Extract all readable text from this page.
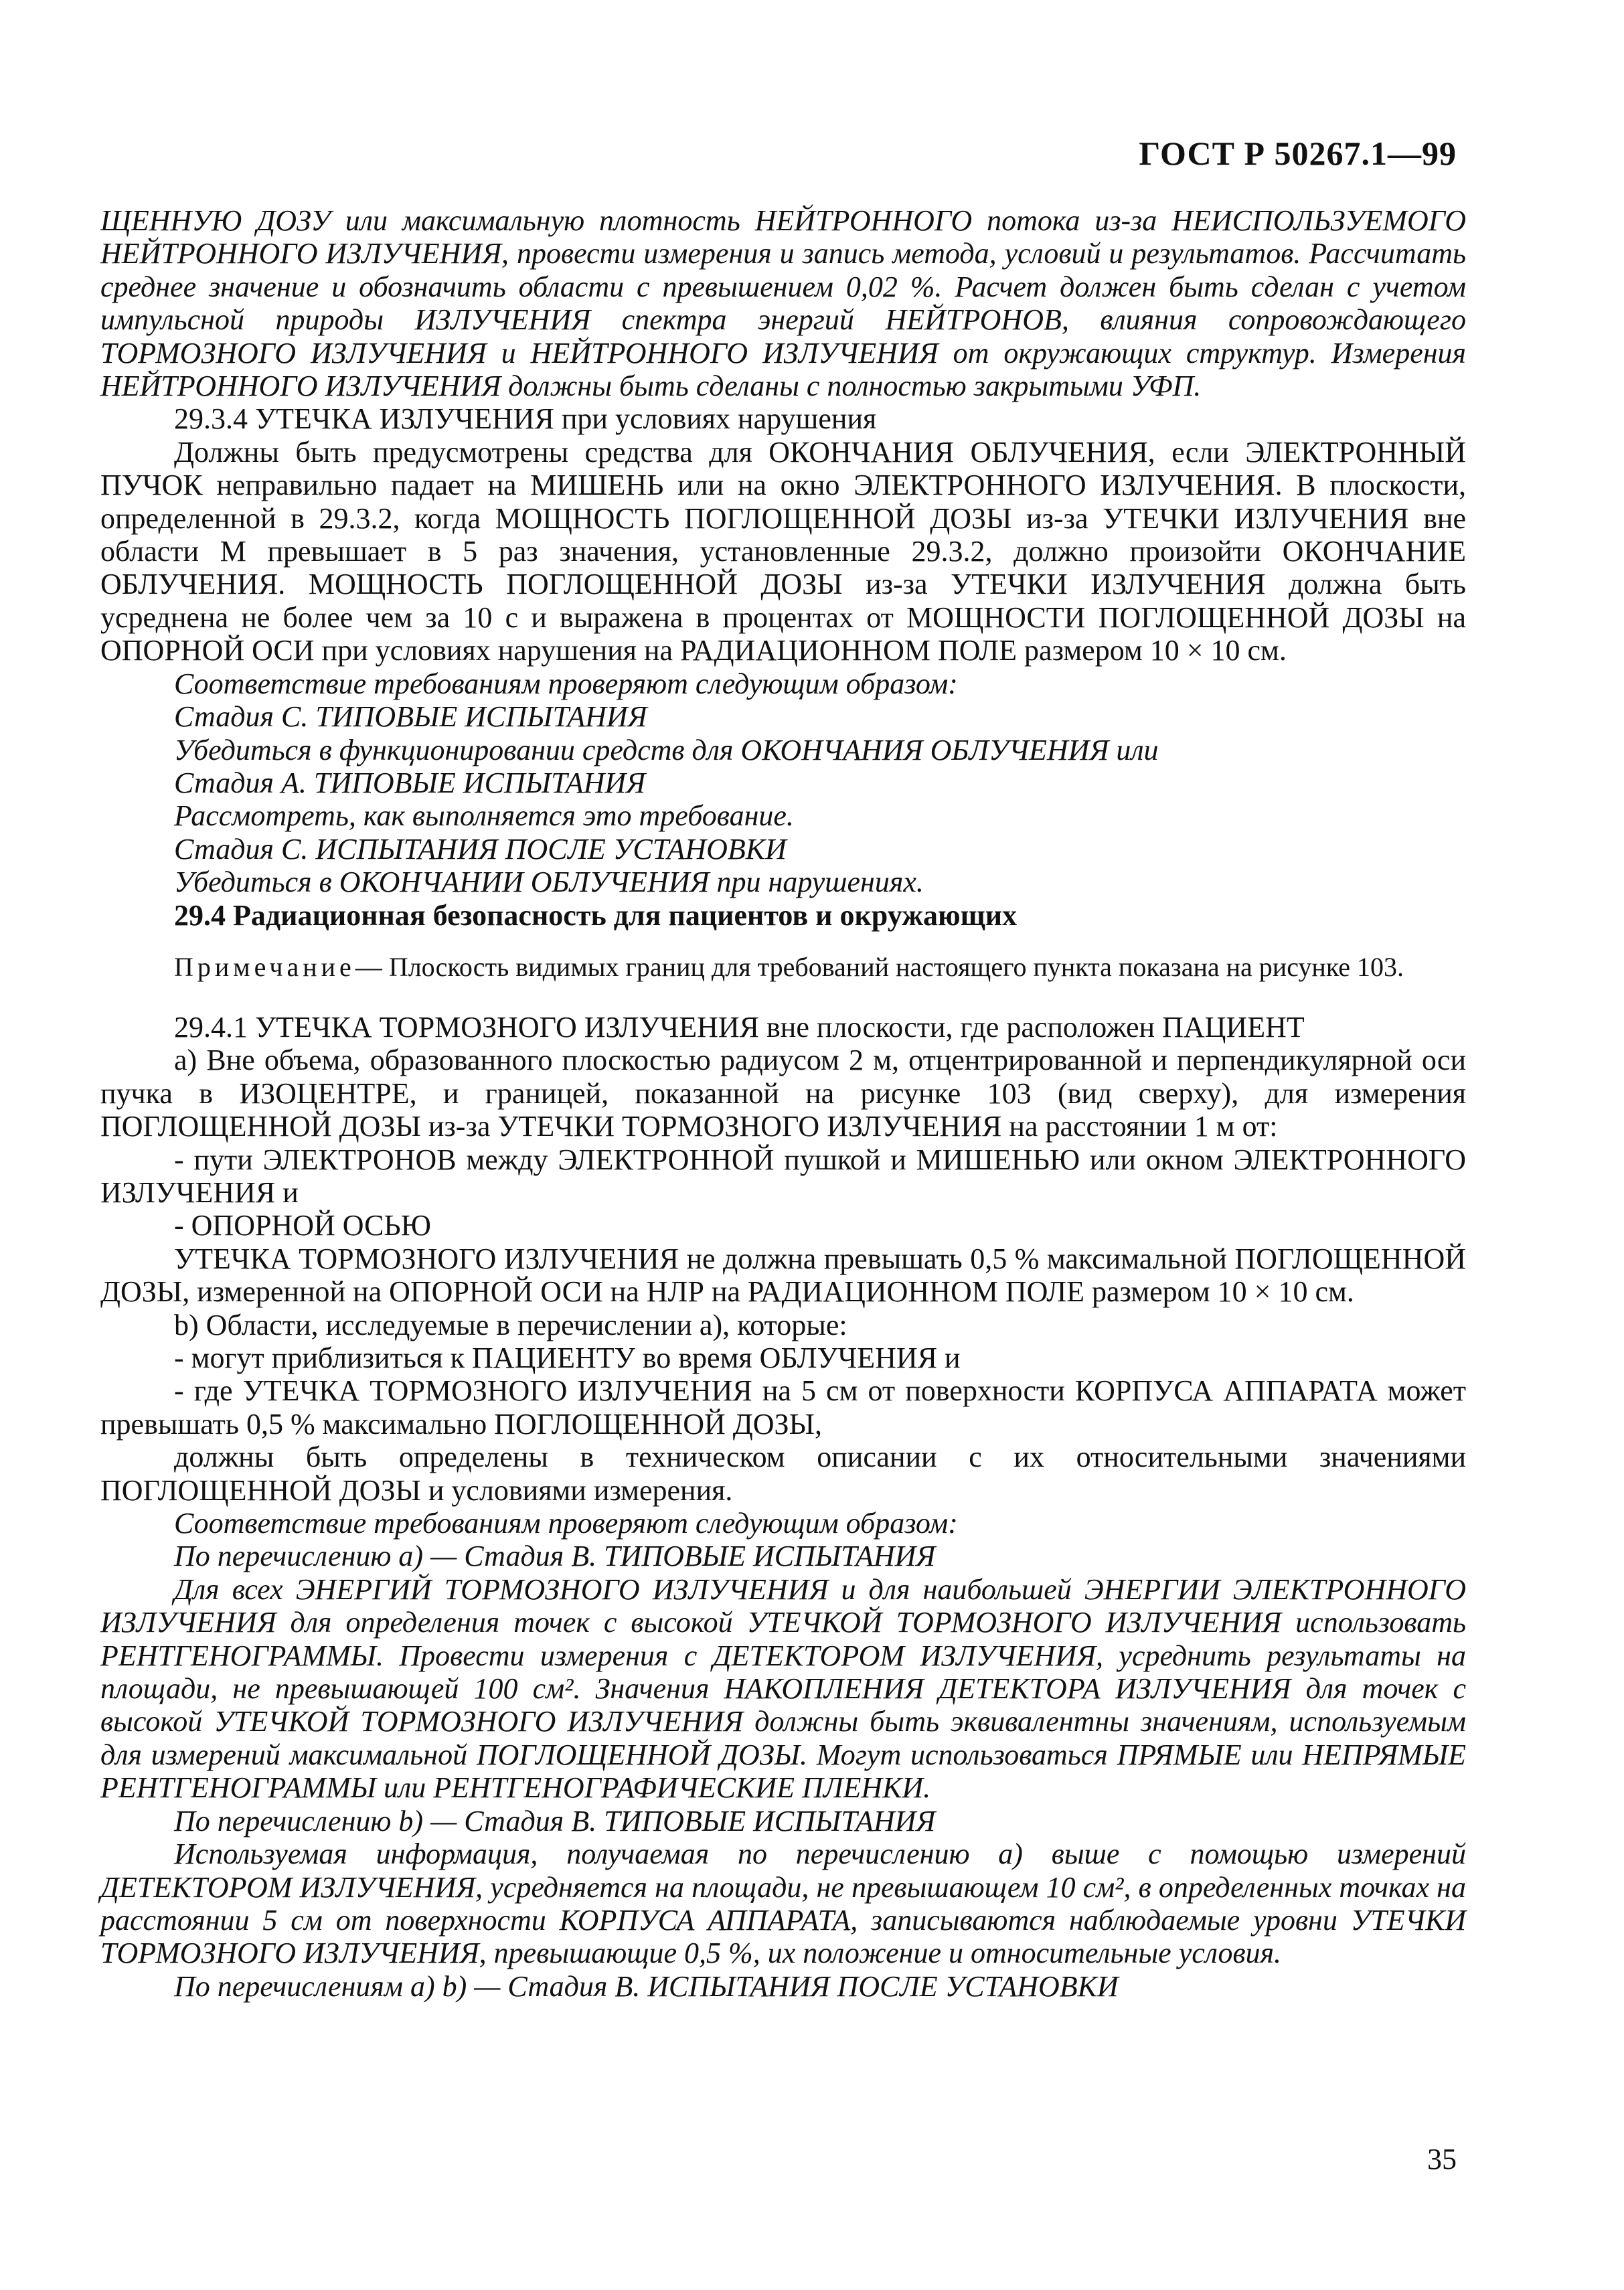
ГОСТ Р 50267.1—99

ЩЕННУЮ ДОЗУ или максимальную плотность НЕЙТРОННОГО потока из-за НЕИСПОЛЬЗУЕМОГО НЕЙТРОННОГО ИЗЛУЧЕНИЯ, провести измерения и запись метода, условий и результатов. Рассчитать среднее значение и обозначить области с превышением 0,02 %. Расчет должен быть сделан с учетом импульсной природы ИЗЛУЧЕНИЯ спектра энергий НЕЙТРОНОВ, влияния сопровождающего ТОРМОЗНОГО ИЗЛУЧЕНИЯ и НЕЙТРОННОГО ИЗЛУЧЕНИЯ от окружающих структур. Измерения НЕЙТРОННОГО ИЗЛУЧЕНИЯ должны быть сделаны с полностью закрытыми УФП.

29.3.4 УТЕЧКА ИЗЛУЧЕНИЯ при условиях нарушения

Должны быть предусмотрены средства для ОКОНЧАНИЯ ОБЛУЧЕНИЯ, если ЭЛЕКТРОННЫЙ ПУЧОК неправильно падает на МИШЕНЬ или на окно ЭЛЕКТРОННОГО ИЗЛУЧЕНИЯ. В плоскости, определенной в 29.3.2, когда МОЩНОСТЬ ПОГЛОЩЕННОЙ ДОЗЫ из-за УТЕЧКИ ИЗЛУЧЕНИЯ вне области M превышает в 5 раз значения, установленные 29.3.2, должно произойти ОКОНЧАНИЕ ОБЛУЧЕНИЯ. МОЩНОСТЬ ПОГЛОЩЕННОЙ ДОЗЫ из-за УТЕЧКИ ИЗЛУЧЕНИЯ должна быть усреднена не более чем за 10 с и выражена в процентах от МОЩНОСТИ ПОГЛОЩЕННОЙ ДОЗЫ на ОПОРНОЙ ОСИ при условиях нарушения на РАДИАЦИОННОМ ПОЛЕ размером 10 × 10 см.

Соответствие требованиям проверяют следующим образом:

Стадия С. ТИПОВЫЕ ИСПЫТАНИЯ

Убедиться в функционировании средств для ОКОНЧАНИЯ ОБЛУЧЕНИЯ или

Стадия А. ТИПОВЫЕ ИСПЫТАНИЯ

Рассмотреть, как выполняется это требование.

Стадия С. ИСПЫТАНИЯ ПОСЛЕ УСТАНОВКИ

Убедиться в ОКОНЧАНИИ ОБЛУЧЕНИЯ при нарушениях.

29.4 Радиационная безопасность для пациентов и окружающих

Примечание— Плоскость видимых границ для требований настоящего пункта показана на рисунке 103.

29.4.1 УТЕЧКА ТОРМОЗНОГО ИЗЛУЧЕНИЯ вне плоскости, где расположен ПАЦИЕНТ

а) Вне объема, образованного плоскостью радиусом 2 м, отцентрированной и перпендикулярной оси пучка в ИЗОЦЕНТРЕ, и границей, показанной на рисунке 103 (вид сверху), для измерения ПОГЛОЩЕННОЙ ДОЗЫ из-за УТЕЧКИ ТОРМОЗНОГО ИЗЛУЧЕНИЯ на расстоянии 1 м от:

- пути ЭЛЕКТРОНОВ между ЭЛЕКТРОННОЙ пушкой и МИШЕНЬЮ или окном ЭЛЕКТРОННОГО ИЗЛУЧЕНИЯ и

- ОПОРНОЙ ОСЬЮ

УТЕЧКА ТОРМОЗНОГО ИЗЛУЧЕНИЯ не должна превышать 0,5 % максимальной ПОГЛОЩЕННОЙ ДОЗЫ, измеренной на ОПОРНОЙ ОСИ на НЛР на РАДИАЦИОННОМ ПОЛЕ размером 10 × 10 см.

b) Области, исследуемые в перечислении а), которые:

- могут приблизиться к ПАЦИЕНТУ во время ОБЛУЧЕНИЯ и

- где УТЕЧКА ТОРМОЗНОГО ИЗЛУЧЕНИЯ на 5 см от поверхности КОРПУСА АППАРАТА может превышать 0,5 % максимально ПОГЛОЩЕННОЙ ДОЗЫ,

должны быть определены в техническом описании с их относительными значениями ПОГЛОЩЕННОЙ ДОЗЫ и условиями измерения.

Соответствие требованиям проверяют следующим образом:

По перечислению а) — Стадия В. ТИПОВЫЕ ИСПЫТАНИЯ

Для всех ЭНЕРГИЙ ТОРМОЗНОГО ИЗЛУЧЕНИЯ и для наибольшей ЭНЕРГИИ ЭЛЕКТРОННОГО ИЗЛУЧЕНИЯ для определения точек с высокой УТЕЧКОЙ ТОРМОЗНОГО ИЗЛУЧЕНИЯ использовать РЕНТГЕНОГРАММЫ. Провести измерения с ДЕТЕКТОРОМ ИЗЛУЧЕНИЯ, усреднить результаты на площади, не превышающей 100 см². Значения НАКОПЛЕНИЯ ДЕТЕКТОРА ИЗЛУЧЕНИЯ для точек с высокой УТЕЧКОЙ ТОРМОЗНОГО ИЗЛУЧЕНИЯ должны быть эквивалентны значениям, используемым для измерений максимальной ПОГЛОЩЕННОЙ ДОЗЫ. Могут использоваться ПРЯМЫЕ или НЕПРЯМЫЕ РЕНТГЕНОГРАММЫ или РЕНТГЕНОГРАФИЧЕСКИЕ ПЛЕНКИ.

По перечислению b) — Стадия В. ТИПОВЫЕ ИСПЫТАНИЯ

Используемая информация, получаемая по перечислению а) выше с помощью измерений ДЕТЕКТОРОМ ИЗЛУЧЕНИЯ, усредняется на площади, не превышающем 10 см², в определенных точках на расстоянии 5 см от поверхности КОРПУСА АППАРАТА, записываются наблюдаемые уровни УТЕЧКИ ТОРМОЗНОГО ИЗЛУЧЕНИЯ, превышающие 0,5 %, их положение и относительные условия.

По перечислениям а) b) — Стадия В. ИСПЫТАНИЯ ПОСЛЕ УСТАНОВКИ

35
